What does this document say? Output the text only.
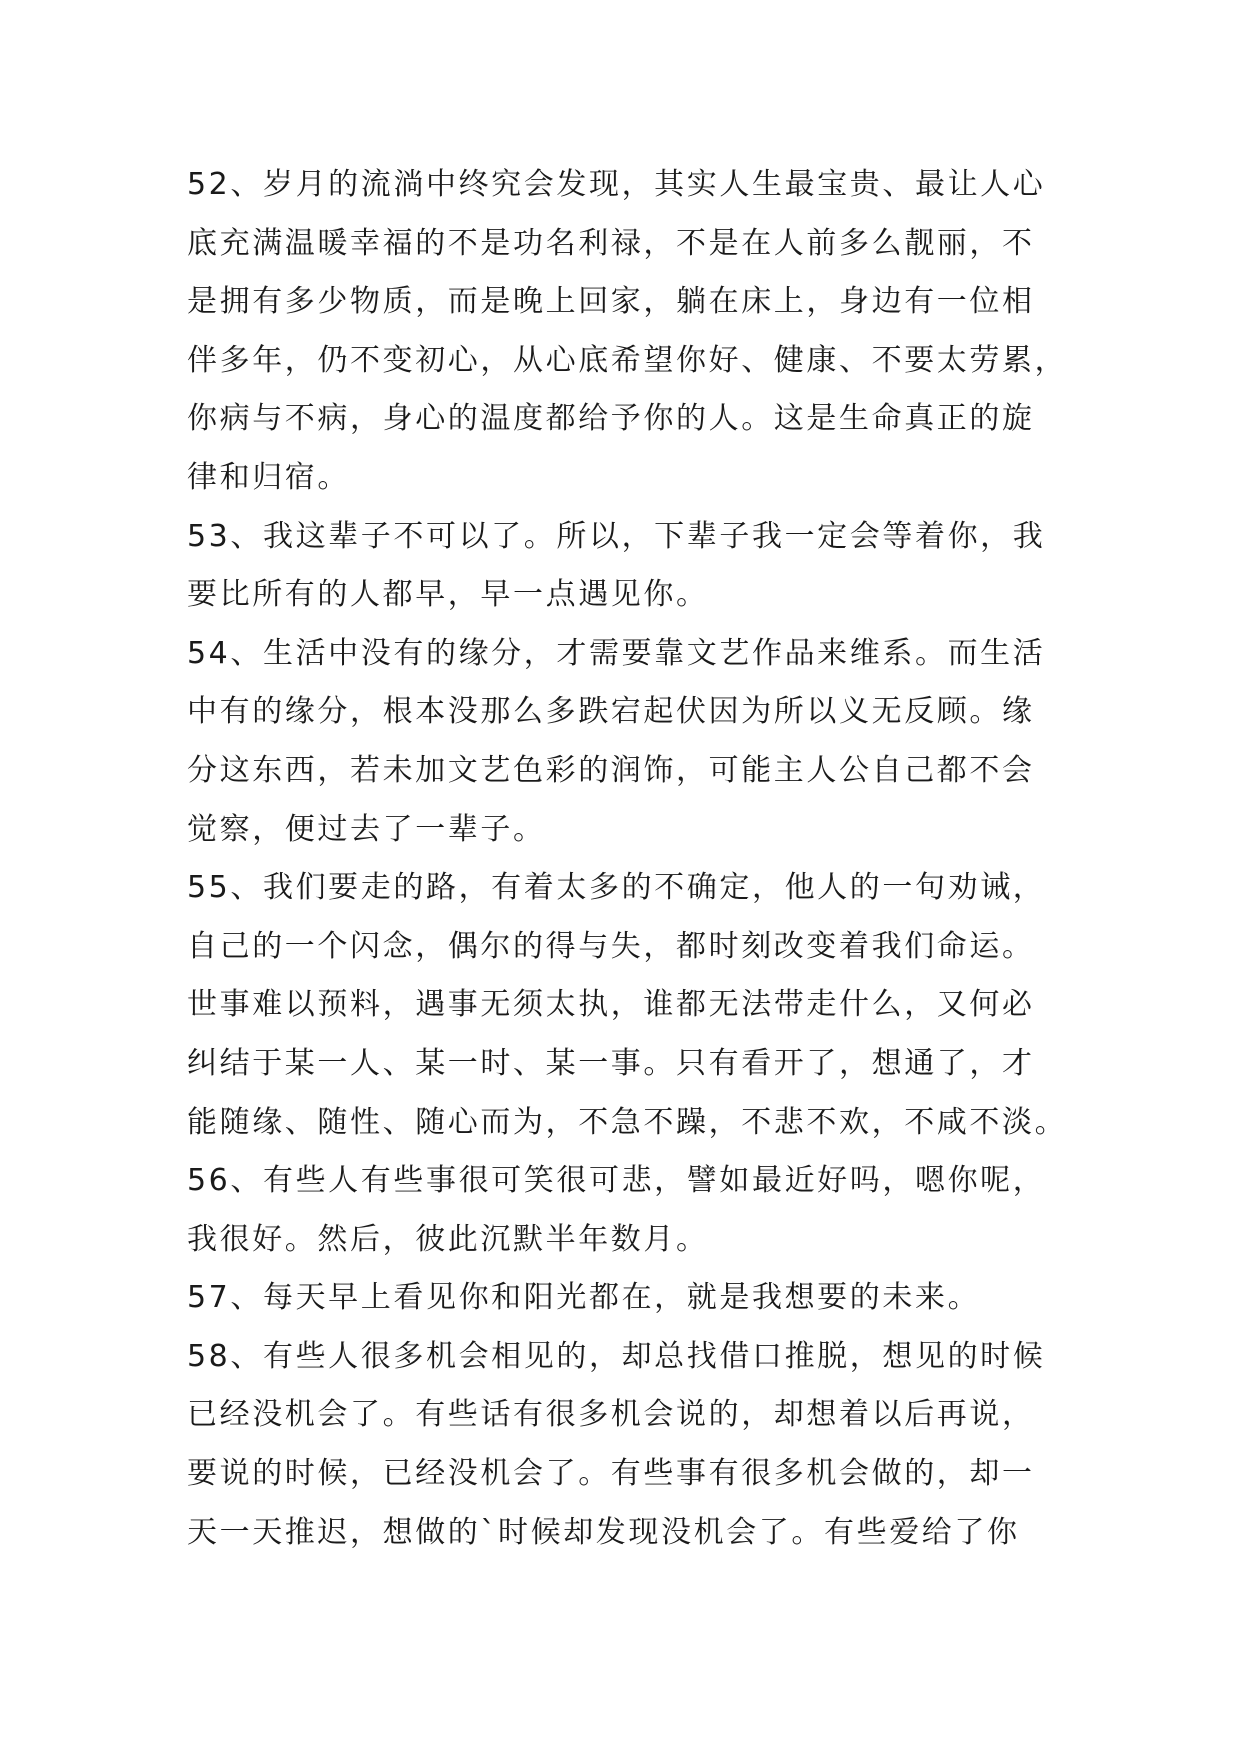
52、岁月的流淌中终究会发现，其实人生最宝贵、最让人心
底充满温暖幸福的不是功名利禄，不是在人前多么靓丽，不
是拥有多少物质，而是晚上回家，躺在床上，身边有一位相
伴多年，仍不变初心，从心底希望你好、健康、不要太劳累，
你病与不病，身心的温度都给予你的人。这是生命真正的旋
律和归宿。
53、我这辈子不可以了。所以，下辈子我一定会等着你，我
要比所有的人都早，早一点遇见你。
54、生活中没有的缘分，才需要靠文艺作品来维系。而生活
中有的缘分，根本没那么多跌宕起伏因为所以义无反顾。缘
分这东西，若未加文艺色彩的润饰，可能主人公自己都不会
觉察，便过去了一辈子。
55、我们要走的路，有着太多的不确定，他人的一句劝诫，
自己的一个闪念，偶尔的得与失，都时刻改变着我们命运。
世事难以预料，遇事无须太执，谁都无法带走什么，又何必
纠结于某一人、某一时、某一事。只有看开了，想通了，才
能随缘、随性、随心而为，不急不躁，不悲不欢，不咸不淡。
56、有些人有些事很可笑很可悲，譬如最近好吗，嗯你呢，
我很好。然后，彼此沉默半年数月。
57、每天早上看见你和阳光都在，就是我想要的未来。
58、有些人很多机会相见的，却总找借口推脱，想见的时候
已经没机会了。有些话有很多机会说的，却想着以后再说，
要说的时候，已经没机会了。有些事有很多机会做的，却一
天一天推迟，想做的`时候却发现没机会了。有些爱给了你
